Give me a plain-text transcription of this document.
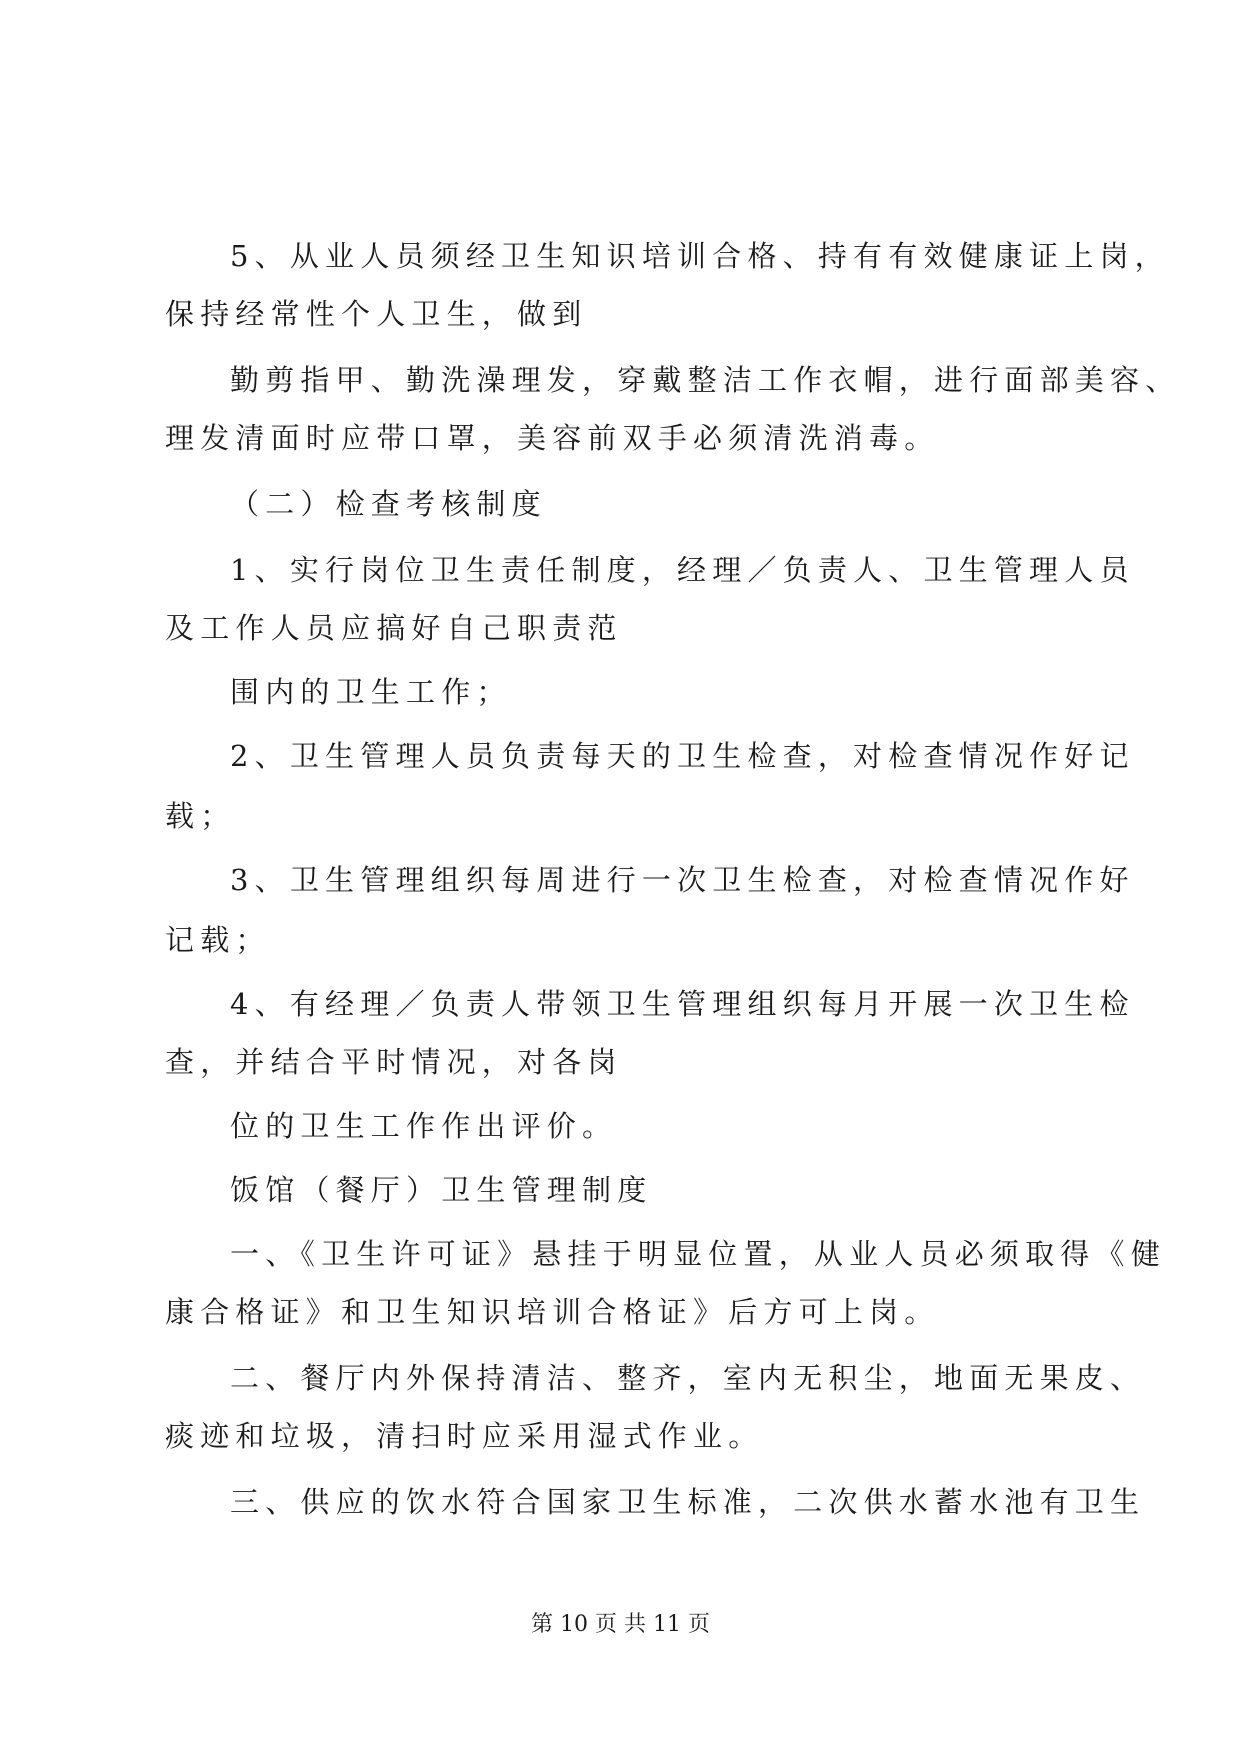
5、从业人员须经卫生知识培训合格、持有有效健康证上岗，
保持经常性个人卫生，做到
勤剪指甲、勤洗澡理发，穿戴整洁工作衣帽，进行面部美容、
理发清面时应带口罩，美容前双手必须清洗消毒。
（二）检查考核制度
1、实行岗位卫生责任制度，经理／负责人、卫生管理人员
及工作人员应搞好自己职责范
围内的卫生工作；
2、卫生管理人员负责每天的卫生检查，对检查情况作好记
载；
3、卫生管理组织每周进行一次卫生检查，对检查情况作好
记载；
4、有经理／负责人带领卫生管理组织每月开展一次卫生检
查，并结合平时情况，对各岗
位的卫生工作作出评价。
饭馆（餐厅）卫生管理制度
一、《卫生许可证》悬挂于明显位置，从业人员必须取得《健
康合格证》和卫生知识培训合格证》后方可上岗。
二、餐厅内外保持清洁、整齐，室内无积尘，地面无果皮、
痰迹和垃圾，清扫时应采用湿式作业。
三、供应的饮水符合国家卫生标准，二次供水蓄水池有卫生
第 10 页 共 11 页
